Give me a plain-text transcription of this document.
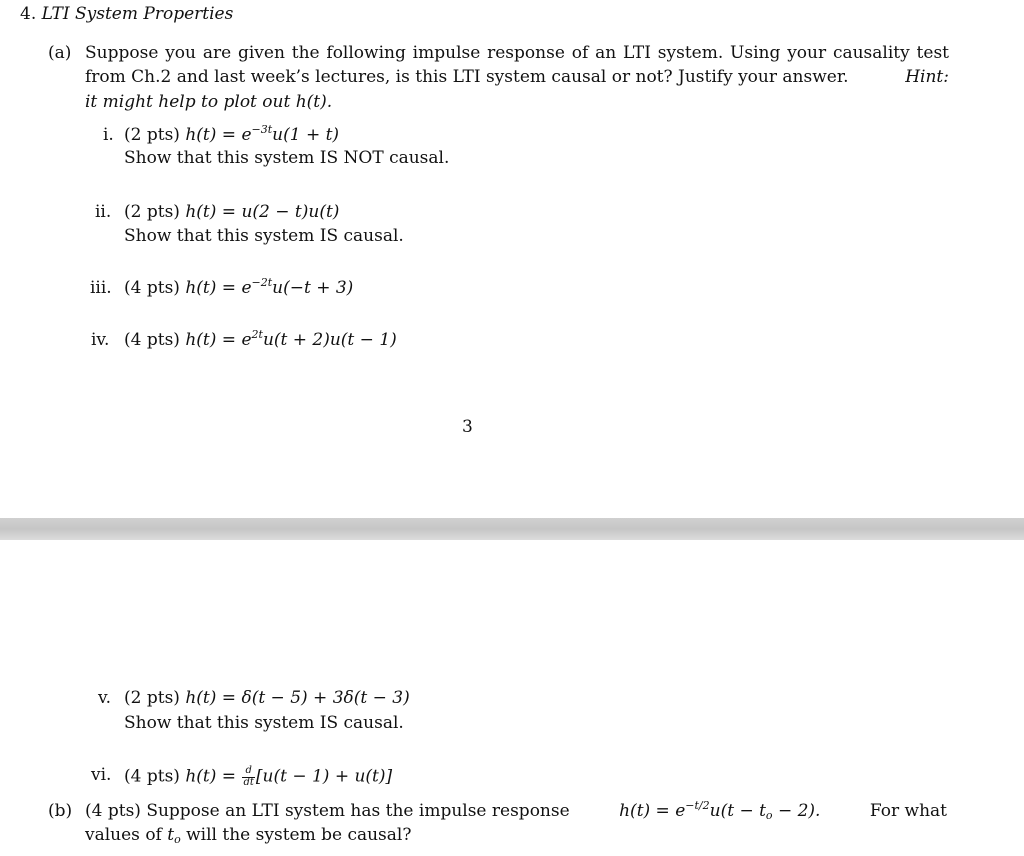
4. LTI System Properties
(a) Suppose you are given the following impulse response of an LTI system. Using your causality test
from Ch.2 and last week’s lectures, is this LTI system causal or not? Justify your answer.	Hint:
it might help to plot out h(t).
i. (2 pts) $h(t) = e^{-3t}u(1 + t)$
Show that this system IS NOT causal.
ii. (2 pts) h(t) = u(2 − t)u(t)
Show that this system IS causal.
iii. (4 pts) $h(t) = e^{-2t}u(-t + 3)$
iv. (4 pts) $h(t) = e^{2t}u(t + 2)u(t - 1)$
3
v. (2 pts) h(t) = δ(t − 5) + 3δ(t − 3)
Show that this system IS causal.
vi. (4 pts) $h(t) = \frac{d}{dt} [u(t - 1) + u(t)]$
(b) (4 pts) Suppose an LTI system has the impulse response	$h(t) = e^{-t/2}u(t - t_o - 2)$.	For what
values of $t_o$ will the system be causal?
